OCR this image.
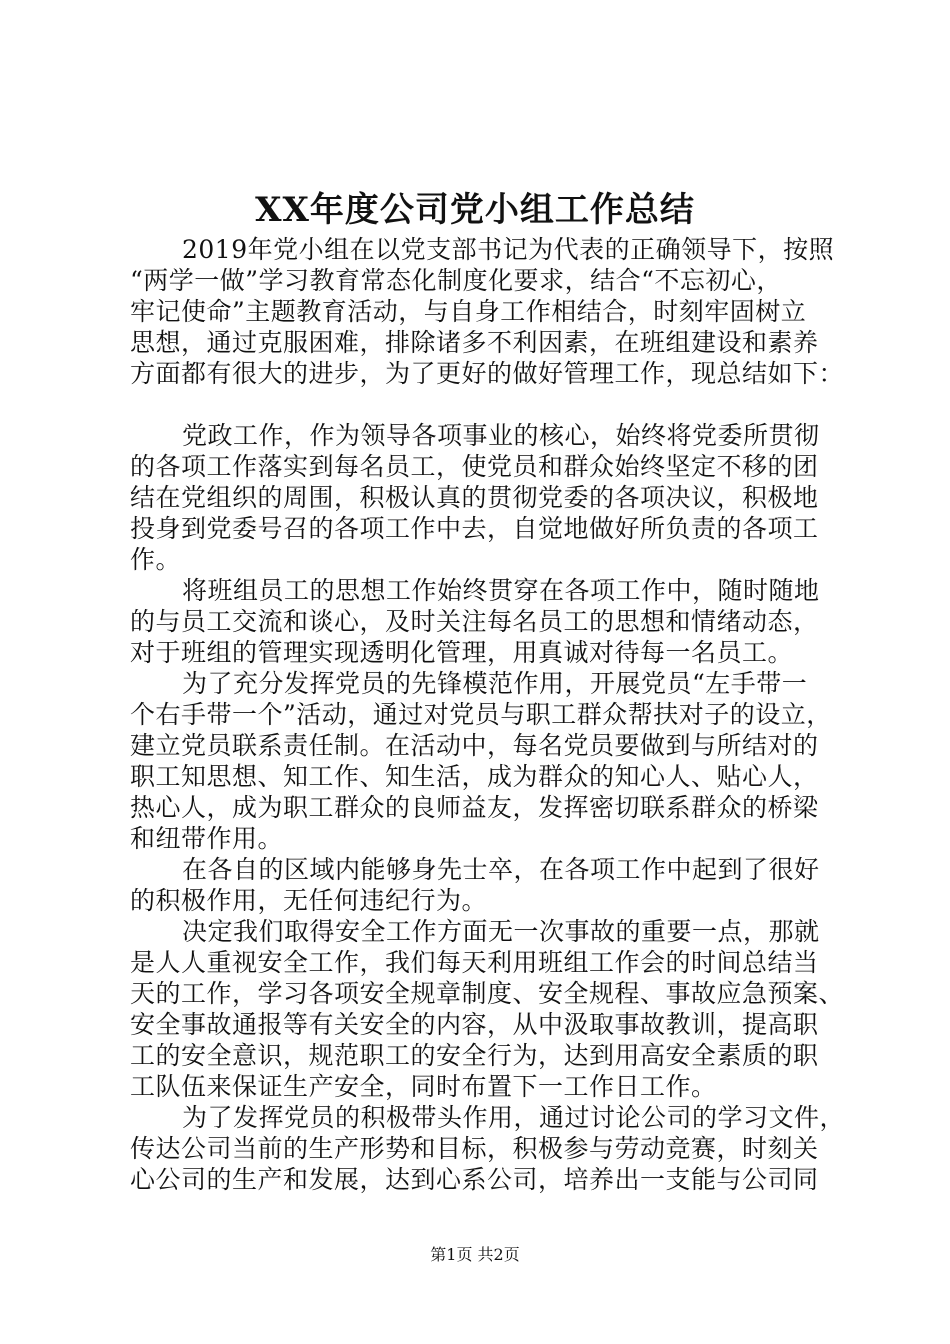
XX年度公司党小组工作总结
2019年党小组在以党支部书记为代表的正确领导下，按照
“两学一做”学习教育常态化制度化要求，结合“不忘初心，
牢记使命”主题教育活动，与自身工作相结合，时刻牢固树立
思想，通过克服困难，排除诸多不利因素，在班组建设和素养
方面都有很大的进步，为了更好的做好管理工作，现总结如下：
党政工作，作为领导各项事业的核心，始终将党委所贯彻
的各项工作落实到每名员工，使党员和群众始终坚定不移的团
结在党组织的周围，积极认真的贯彻党委的各项决议，积极地
投身到党委号召的各项工作中去，自觉地做好所负责的各项工
作。
将班组员工的思想工作始终贯穿在各项工作中，随时随地
的与员工交流和谈心，及时关注每名员工的思想和情绪动态，
对于班组的管理实现透明化管理，用真诚对待每一名员工。
为了充分发挥党员的先锋模范作用，开展党员“左手带一
个右手带一个”活动，通过对党员与职工群众帮扶对子的设立，
建立党员联系责任制。在活动中，每名党员要做到与所结对的
职工知思想、知工作、知生活，成为群众的知心人、贴心人，
热心人，成为职工群众的良师益友，发挥密切联系群众的桥梁
和纽带作用。
在各自的区域内能够身先士卒，在各项工作中起到了很好
的积极作用，无任何违纪行为。
决定我们取得安全工作方面无一次事故的重要一点，那就
是人人重视安全工作，我们每天利用班组工作会的时间总结当
天的工作，学习各项安全规章制度、安全规程、事故应急预案、
安全事故通报等有关安全的内容，从中汲取事故教训，提高职
工的安全意识，规范职工的安全行为，达到用高安全素质的职
工队伍来保证生产安全，同时布置下一工作日工作。
为了发挥党员的积极带头作用，通过讨论公司的学习文件，
传达公司当前的生产形势和目标，积极参与劳动竞赛，时刻关
心公司的生产和发展，达到心系公司，培养出一支能与公司同
第1页 共2页
